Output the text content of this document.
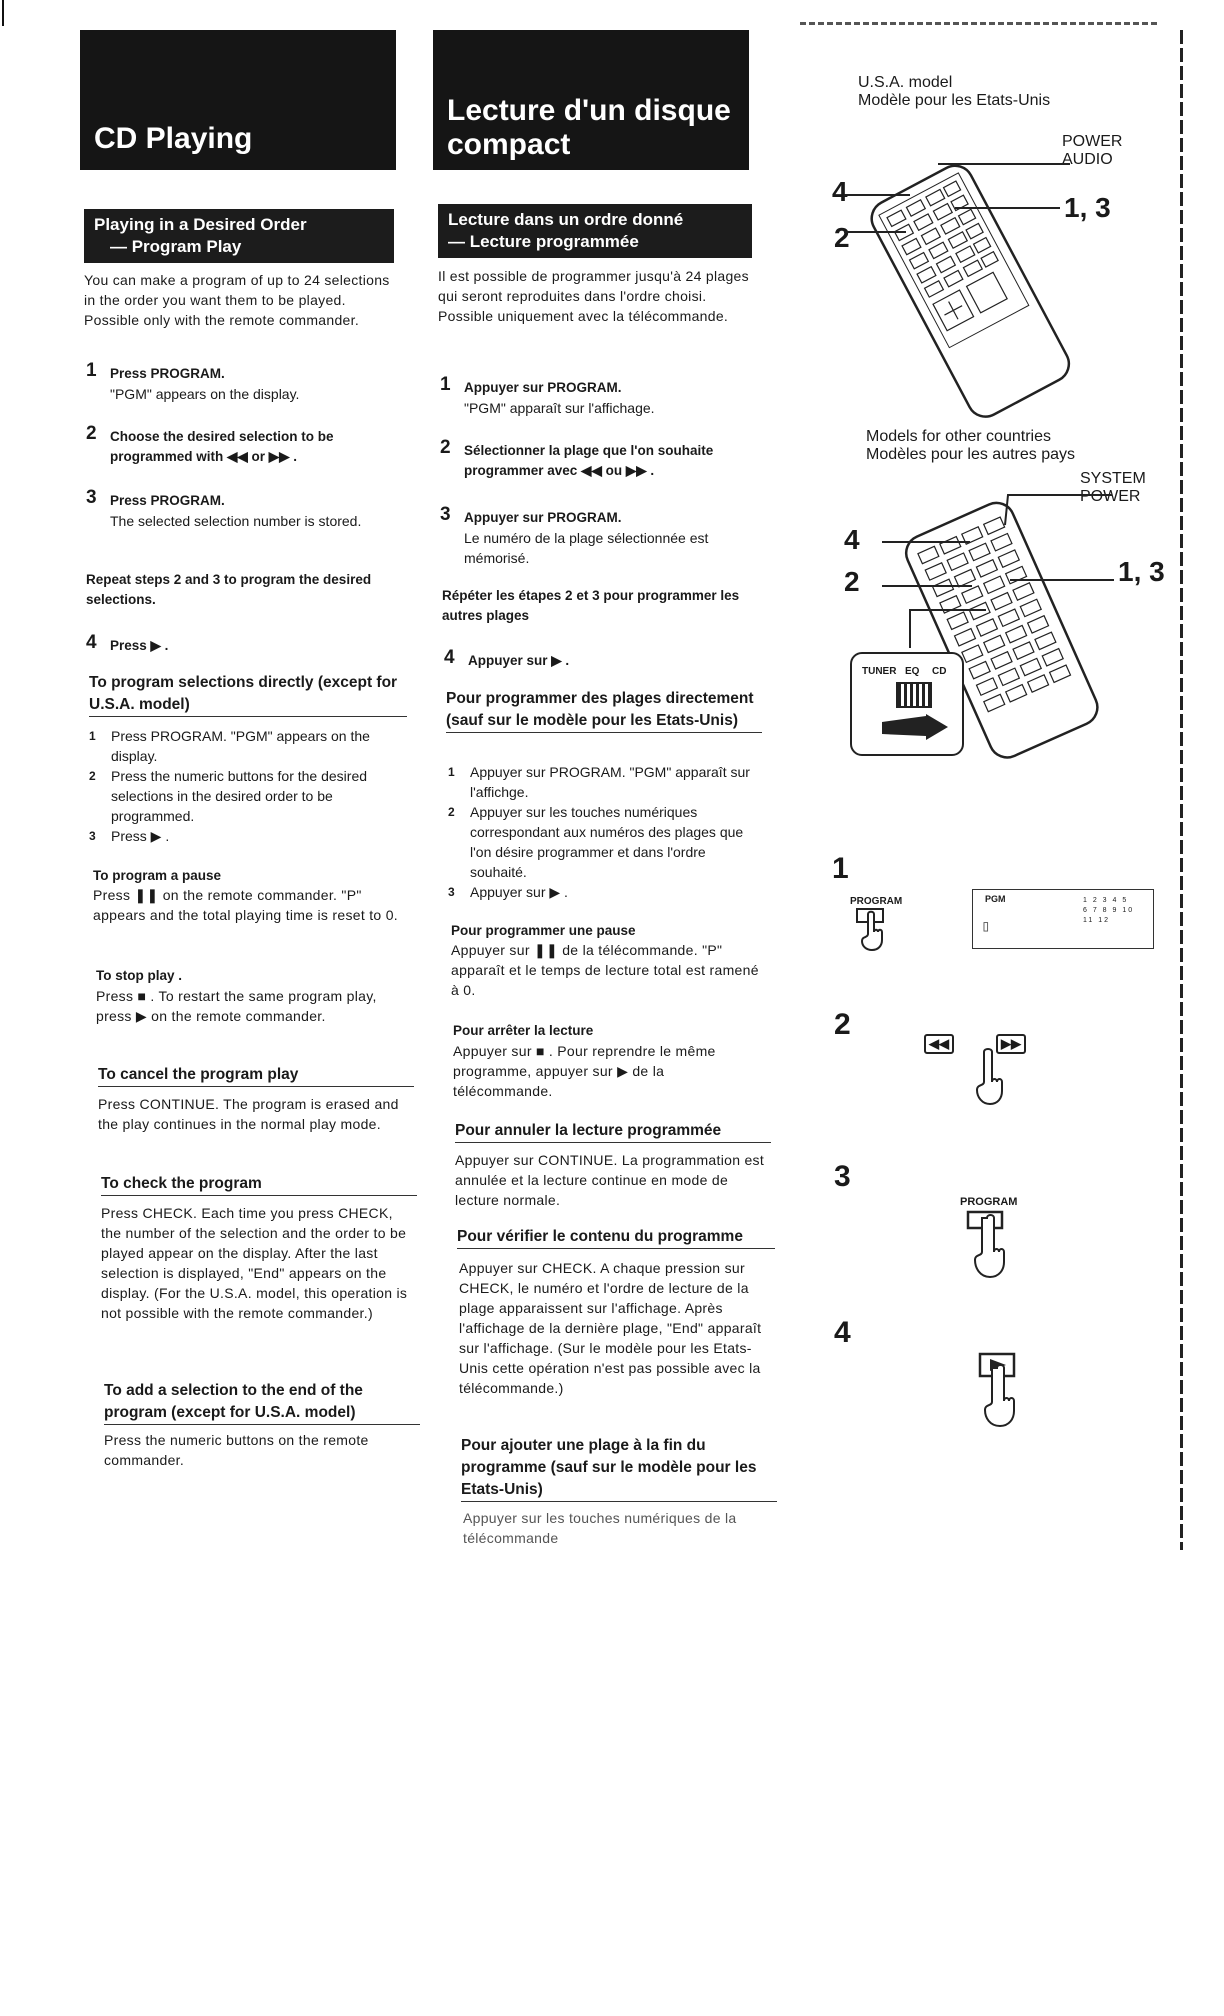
CD Playing
Playing in a Desired Order
— Program Play
You can make a program of up to 24 selections in the order you want them to be played.
Possible only with the remote commander.
1 Press PROGRAM.
"PGM" appears on the display.
2 Choose the desired selection to be programmed with ◀◀ or ▶▶ .
3 Press PROGRAM.
The selected selection number is stored.
Repeat steps 2 and 3 to program the desired selections.
4 Press ▶ .
To program selections directly (except for U.S.A. model)
1 Press PROGRAM. "PGM" appears on the display.
2 Press the numeric buttons for the desired selections in the desired order to be programmed.
3 Press ▶ .
To program a pause
Press ❚❚ on the remote commander. "P" appears and the total playing time is reset to 0.
To stop play .
Press ■ . To restart the same program play, press ▶ on the remote commander.
To cancel the program play
Press CONTINUE. The program is erased and the play continues in the normal play mode.
To check the program
Press CHECK. Each time you press CHECK, the number of the selection and the order to be played appear on the display. After the last selection is displayed, "End" appears on the display. (For the U.S.A. model, this operation is not possible with the remote commander.)
To add a selection to the end of the program (except for U.S.A. model)
Press the numeric buttons on the remote commander.
Lecture d'un disque
compact
Lecture dans un ordre donné
— Lecture programmée
Il est possible de programmer jusqu'à 24 plages qui seront reproduites dans l'ordre choisi.
Possible uniquement avec la télécommande.
1 Appuyer sur PROGRAM.
"PGM" apparaît sur l'affichage.
2 Sélectionner la plage que l'on souhaite programmer avec ◀◀ ou ▶▶ .
3 Appuyer sur PROGRAM.
Le numéro de la plage sélectionnée est mémorisé.
Répéter les étapes 2 et 3 pour programmer les autres plages
4 Appuyer sur ▶ .
Pour programmer des plages directement (sauf sur le modèle pour les Etats-Unis)
1 Appuyer sur PROGRAM. "PGM" apparaît sur l'affichge.
2 Appuyer sur les touches numériques correspondant aux numéros des plages que l'on désire programmer et dans l'ordre souhaité.
3 Appuyer sur ▶ .
Pour programmer une pause
Appuyer sur ❚❚ de la télécommande. "P" apparaît et le temps de lecture total est ramené à 0.
Pour arrêter la lecture
Appuyer sur ■ . Pour reprendre le même programme, appuyer sur ▶ de la télécommande.
Pour annuler la lecture programmée
Appuyer sur CONTINUE. La programmation est annulée et la lecture continue en mode de lecture normale.
Pour vérifier le contenu du programme
Appuyer sur CHECK. A chaque pression sur CHECK, le numéro et l'ordre de lecture de la plage apparaissent sur l'affichage. Après l'affichage de la dernière plage, "End" apparaît sur l'affichage. (Sur le modèle pour les Etats-Unis cette opération n'est pas possible avec la télécommande.)
Pour ajouter une plage à la fin du programme (sauf sur le modèle pour les Etats-Unis)
Appuyer sur les touches numériques de la télécommande
U.S.A. model
Modèle pour les Etats-Unis
POWER
AUDIO
4
2
1, 3
Models for other countries
Modèles pour les autres pays
SYSTEM
POWER
4
2	1, 3
TUNER EQ CD
1
PROGRAM	PGM
▯
1 2 3 4 5
6 7 8 9 10
11 12
2
◀◀	▶▶
3
PROGRAM
4
